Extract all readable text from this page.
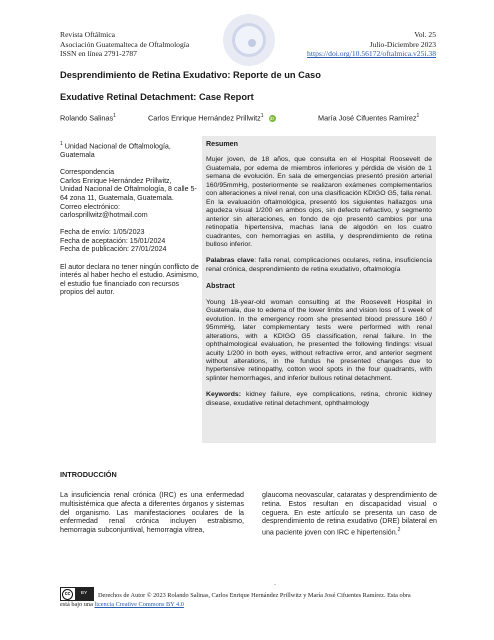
Revista Oftálmica
Asociación Guatemalteca de Oftalmología
ISSN en línea 2791-2787
Vol. 25
Julio-Diciembre 2023
https://doi.org/10.56172/oftalmica.v25i.38
Desprendimiento de Retina Exudativo: Reporte de un Caso
Exudative Retinal Detachment: Case Report
Rolando Salinas$^1$	Carlos Enrique Hernández Prillwitz$^1$ iD	María José Cifuentes Ramírez$^1$

$^1$ Unidad Nacional de Oftalmología, Guatemala

Correspondencia
Carlos Enrique Hernández Prillwitz,
Unidad Nacional de Oftalmología, 8 calle 5-64 zona 11, Guatemala, Guatemala.
Correo electrónico:

carlosprillwitz@hotmail.com

Fecha de envío: 1/05/2023
Fecha de aceptación: 15/01/2024

Fecha de publicación: 27/01/2024

El autor declara no tener ningún conflicto de interés al haber hecho el estudio. Asimismo, el estudio fue financiado con recursos propios del autor.

Resumen

Mujer joven, de 18 años, que consulta en el Hospital Roosevelt de Guatemala, por edema de miembros inferiores y pérdida de visión de 1 semana de evolución. En sala de emergencias presentó presión arterial 160/95mmHg, posteriormente se realizaron exámenes complementarios con alteraciones a nivel renal, con una clasificación KDIGO G5, falla renal. En la evaluación oftalmológica, presentó los siguientes hallazgos una agudeza visual 1/200 en ambos ojos, sin defecto refractivo, y segmento anterior sin alteraciones, en fondo de ojo presentó cambios por una retinopatía hipertensiva, machas lana de algodón en los cuatro cuadrantes, con hemorragias en astilla, y desprendimiento de retina bulloso inferior.

Palabras clave: falla renal, complicaciones oculares, retina, insuficiencia renal crónica, desprendimiento de retina exudativo, oftalmología

Abstract

Young 18-year-old woman consulting at the Roosevelt Hospital in Guatemala, due to edema of the lower limbs and vision loss of 1 week of evolution. In the emergency room she presented blood pressure 160 / 95mmHg, later complementary tests were performed with renal alterations, with a KDIGO G5 classification, renal failure. In the ophthalmological evaluation, he presented the following findings: visual acuity 1/200 in both eyes, without refractive error, and anterior segment without alterations, in the fundus he presented changes due to hypertensive retinopathy, cotton wool spots in the four quadrants, with splinter hemorrhages, and inferior bullous retinal detachment.

Keywords: kidney failure, eye complications, retina, chronic kidney disease, exudative retinal detachment, ophthalmology

INTRODUCCIÓN
La insuficiencia renal crónica (IRC) es una enfermedad multisistémica que afecta a diferentes órganos y sistemas del organismo. Las manifestaciones oculares de la enfermedad renal crónica incluyen estrabismo, hemorragia subconjuntival, hemorragia vítrea,
glaucoma neovascular, cataratas y desprendimiento de retina. Estos resultan en discapacidad visual o ceguera. En este artículo se presenta un caso de desprendimiento de retina exudativo (DRE) bilateral en una paciente joven con IRC e hipertensión.$^2$
-
cc	BY	Derechos de Autor © 2023 Rolando Salinas, Carlos Enrique Hernández Prillwitz y María José Cifuentes Ramírez. Esta obra
está bajo una licencia Creative Commons BY 4.0
